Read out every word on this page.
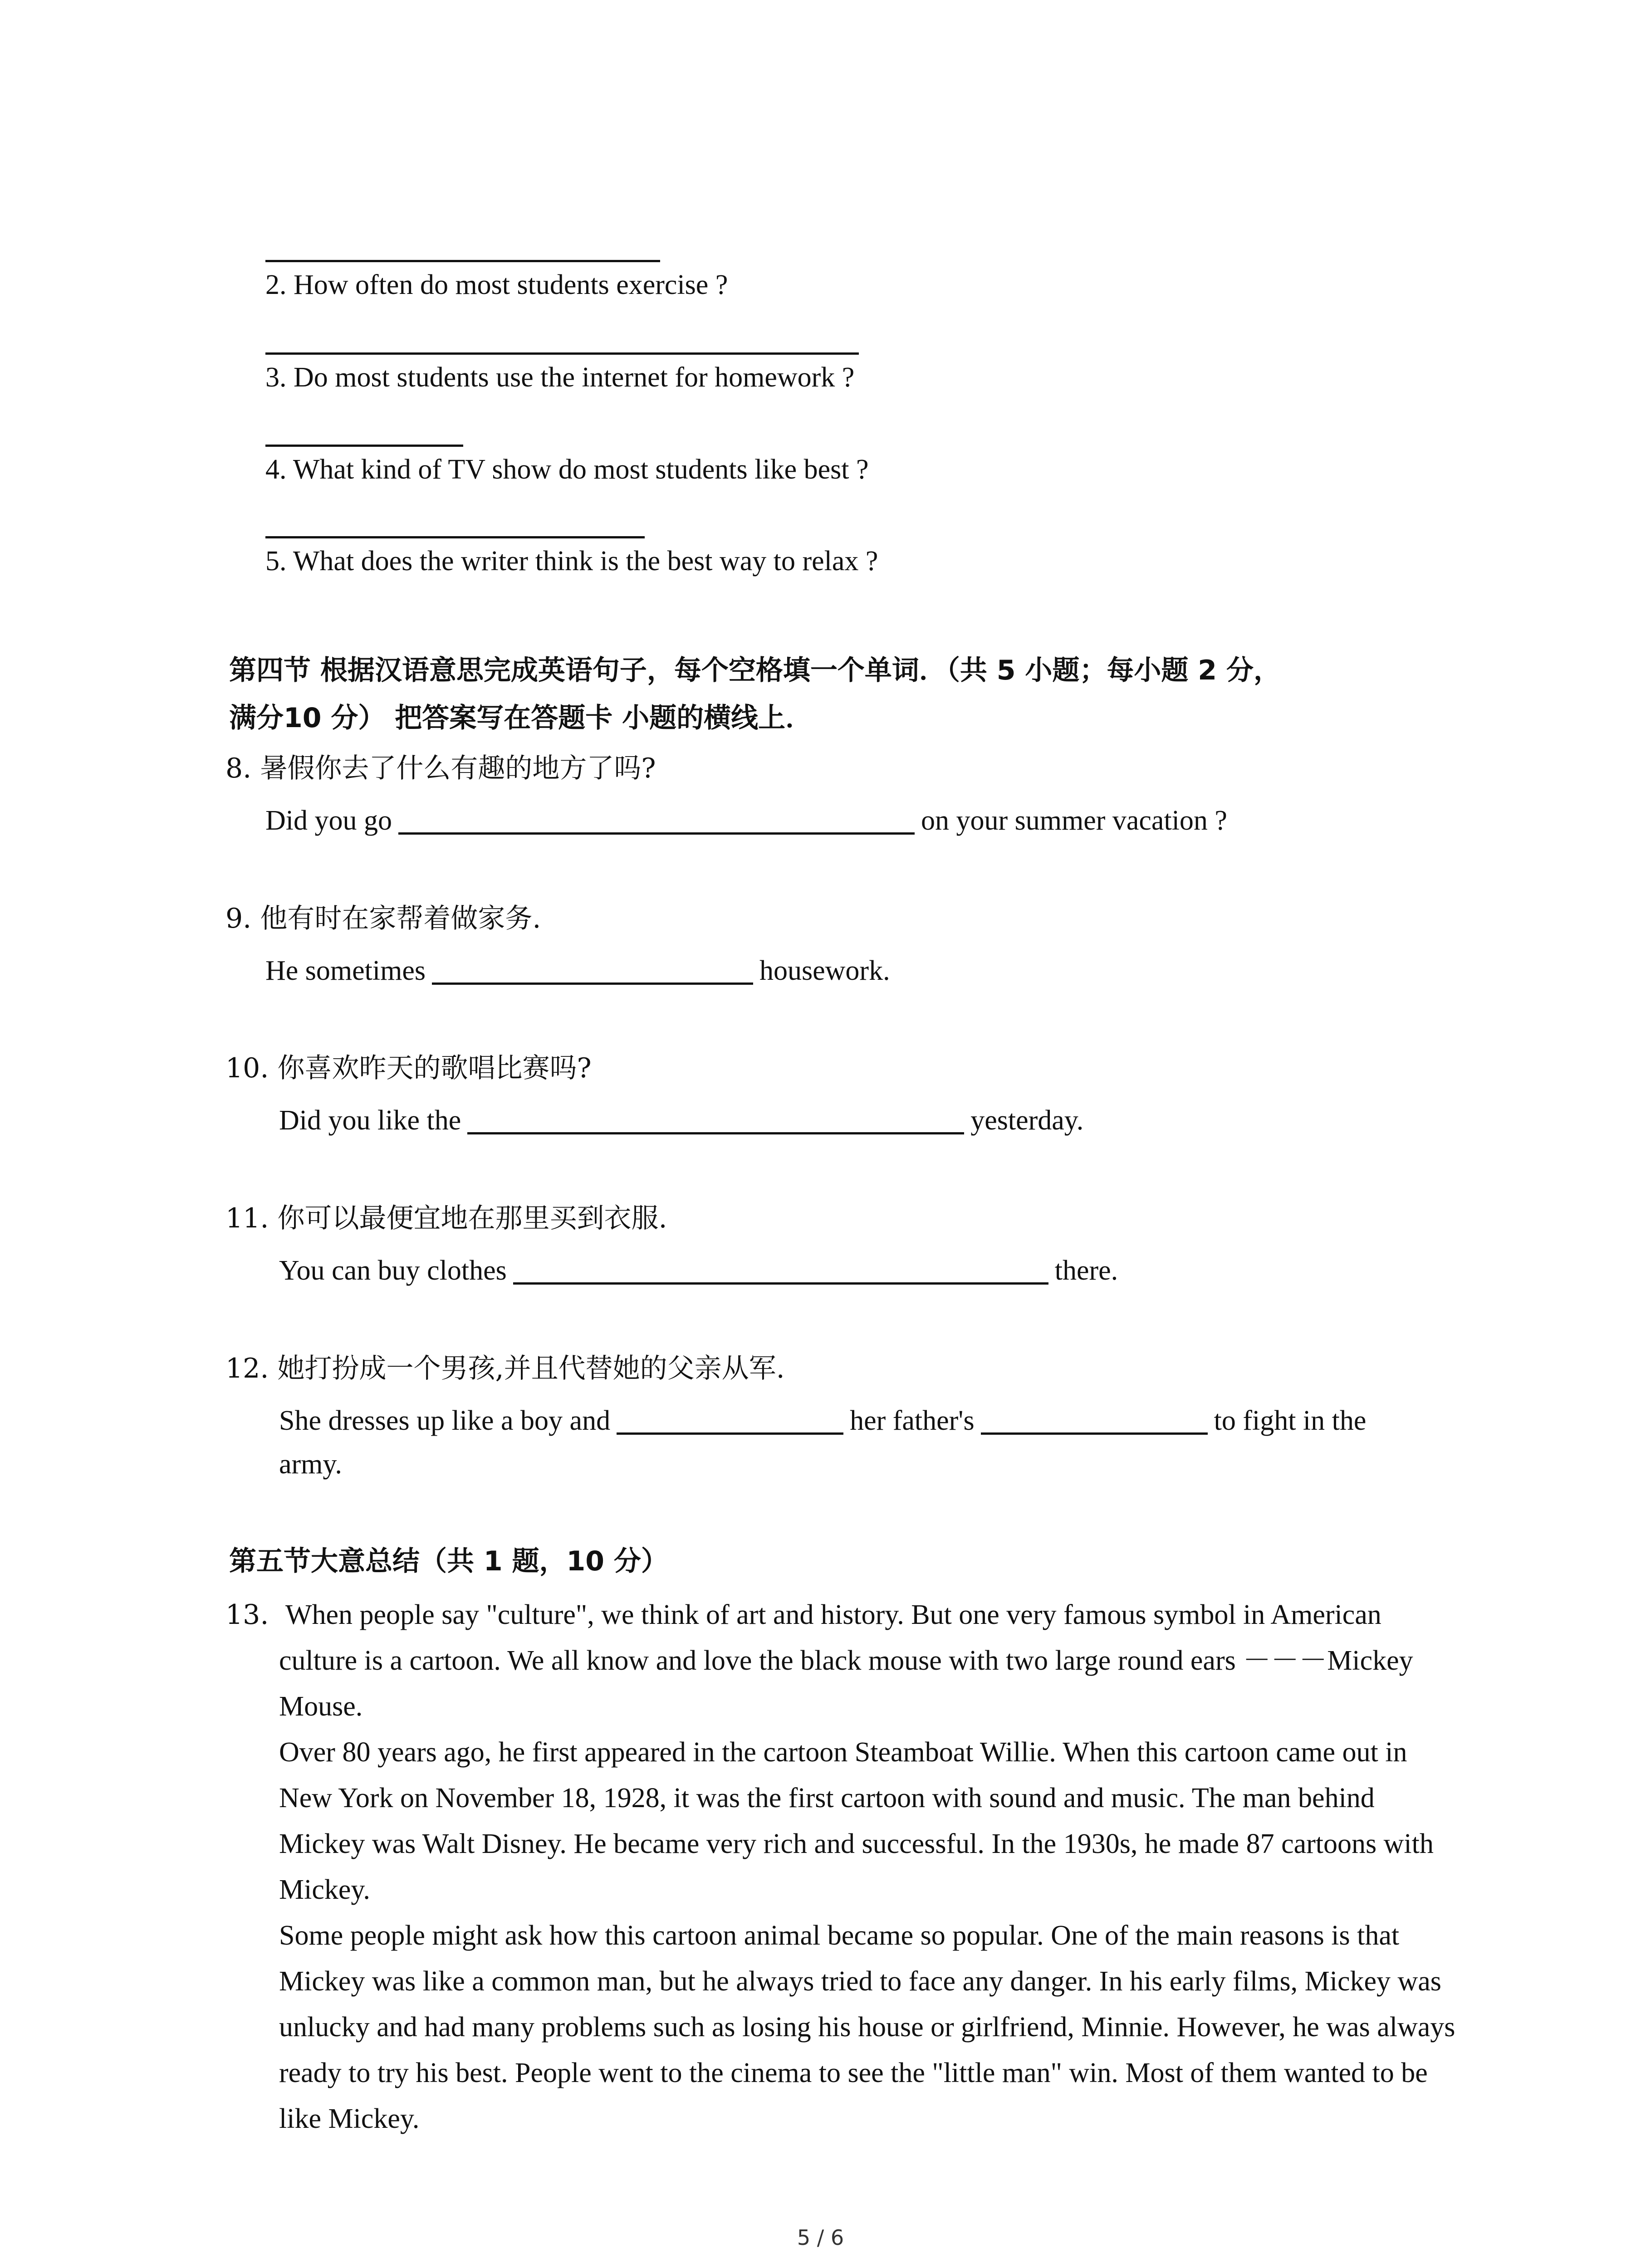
2. How often do most students exercise ?
3. Do most students use the internet for homework ?
4. What kind of TV show do most students like best ?
5. What does the writer think is the best way to relax ?
第四节 根据汉语意思完成英语句子，每个空格填一个单词．（共 5 小题；每小题 2 分，
满分10 分） 把答案写在答题卡 小题的横线上．
8. 暑假你去了什么有趣的地方了吗?
Did you go	on your summer vacation ?
9. 他有时在家帮着做家务.
He sometimes	housework.
10. 你喜欢昨天的歌唱比赛吗?
Did you like the	yesterday.
11. 你可以最便宜地在那里买到衣服.
You can buy clothes	there.
12. 她打扮成一个男孩,并且代替她的父亲从军.
She dresses up like a boy and	her father's	to fight in the
army.
第五节大意总结（共 1 题，10 分）
13. When people say "culture", we think of art and history. But one very famous symbol in American culture is a cartoon. We all know and love the black mouse with two large round ears －－－Mickey Mouse.

Over 80 years ago, he first appeared in the cartoon Steamboat Willie. When this cartoon came out in New York on November 18, 1928, it was the first cartoon with sound and music. The man behind Mickey was Walt Disney. He became very rich and successful. In the 1930s, he made 87 cartoons with Mickey.

Some people might ask how this cartoon animal became so popular. One of the main reasons is that Mickey was like a common man, but he always tried to face any danger. In his early films, Mickey was unlucky and had many problems such as losing his house or girlfriend, Minnie. However, he was always ready to try his best. People went to the cinema to see the "little man" win. Most of them wanted to be like Mickey.

5 / 6
